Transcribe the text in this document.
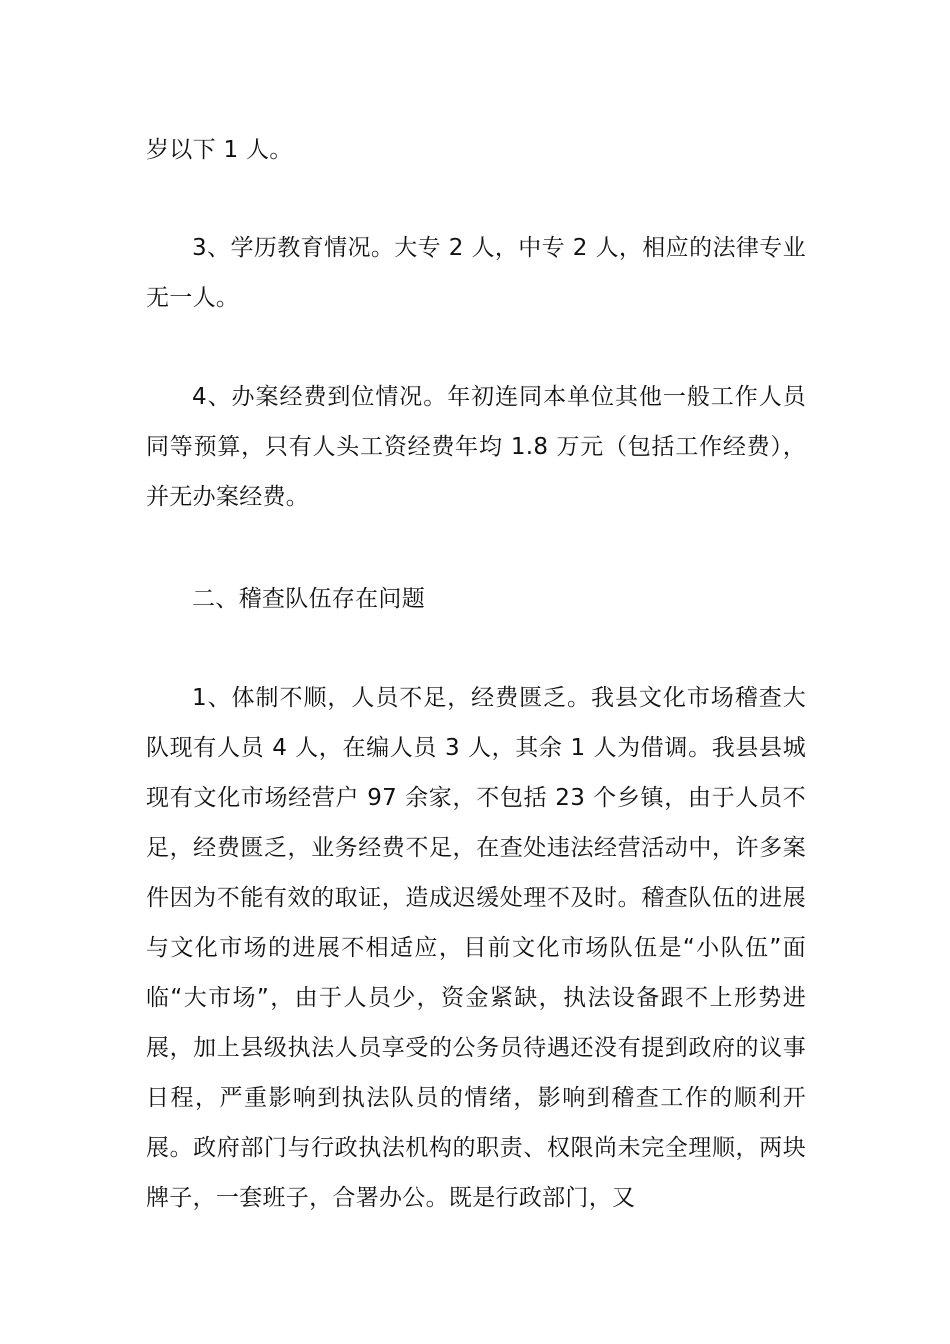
岁以下 1 人。

3、学历教育情况。大专 2 人，中专 2 人，相应的法律专业无一人。

4、办案经费到位情况。年初连同本单位其他一般工作人员同等预算，只有人头工资经费年均 1.8 万元（包括工作经费），并无办案经费。

二、稽查队伍存在问题

1、体制不顺，人员不足，经费匮乏。我县文化市场稽查大队现有人员 4 人，在编人员 3 人，其余 1 人为借调。我县县城现有文化市场经营户 97 余家，不包括 23 个乡镇，由于人员不足，经费匮乏，业务经费不足，在查处违法经营活动中，许多案件因为不能有效的取证，造成迟缓处理不及时。稽查队伍的进展与文化市场的进展不相适应，目前文化市场队伍是“小队伍”面临“大市场”，由于人员少，资金紧缺，执法设备跟不上形势进展，加上县级执法人员享受的公务员待遇还没有提到政府的议事日程，严重影响到执法队员的情绪，影响到稽查工作的顺利开展。政府部门与行政执法机构的职责、权限尚未完全理顺，两块牌子，一套班子，合署办公。既是行政部门，又
